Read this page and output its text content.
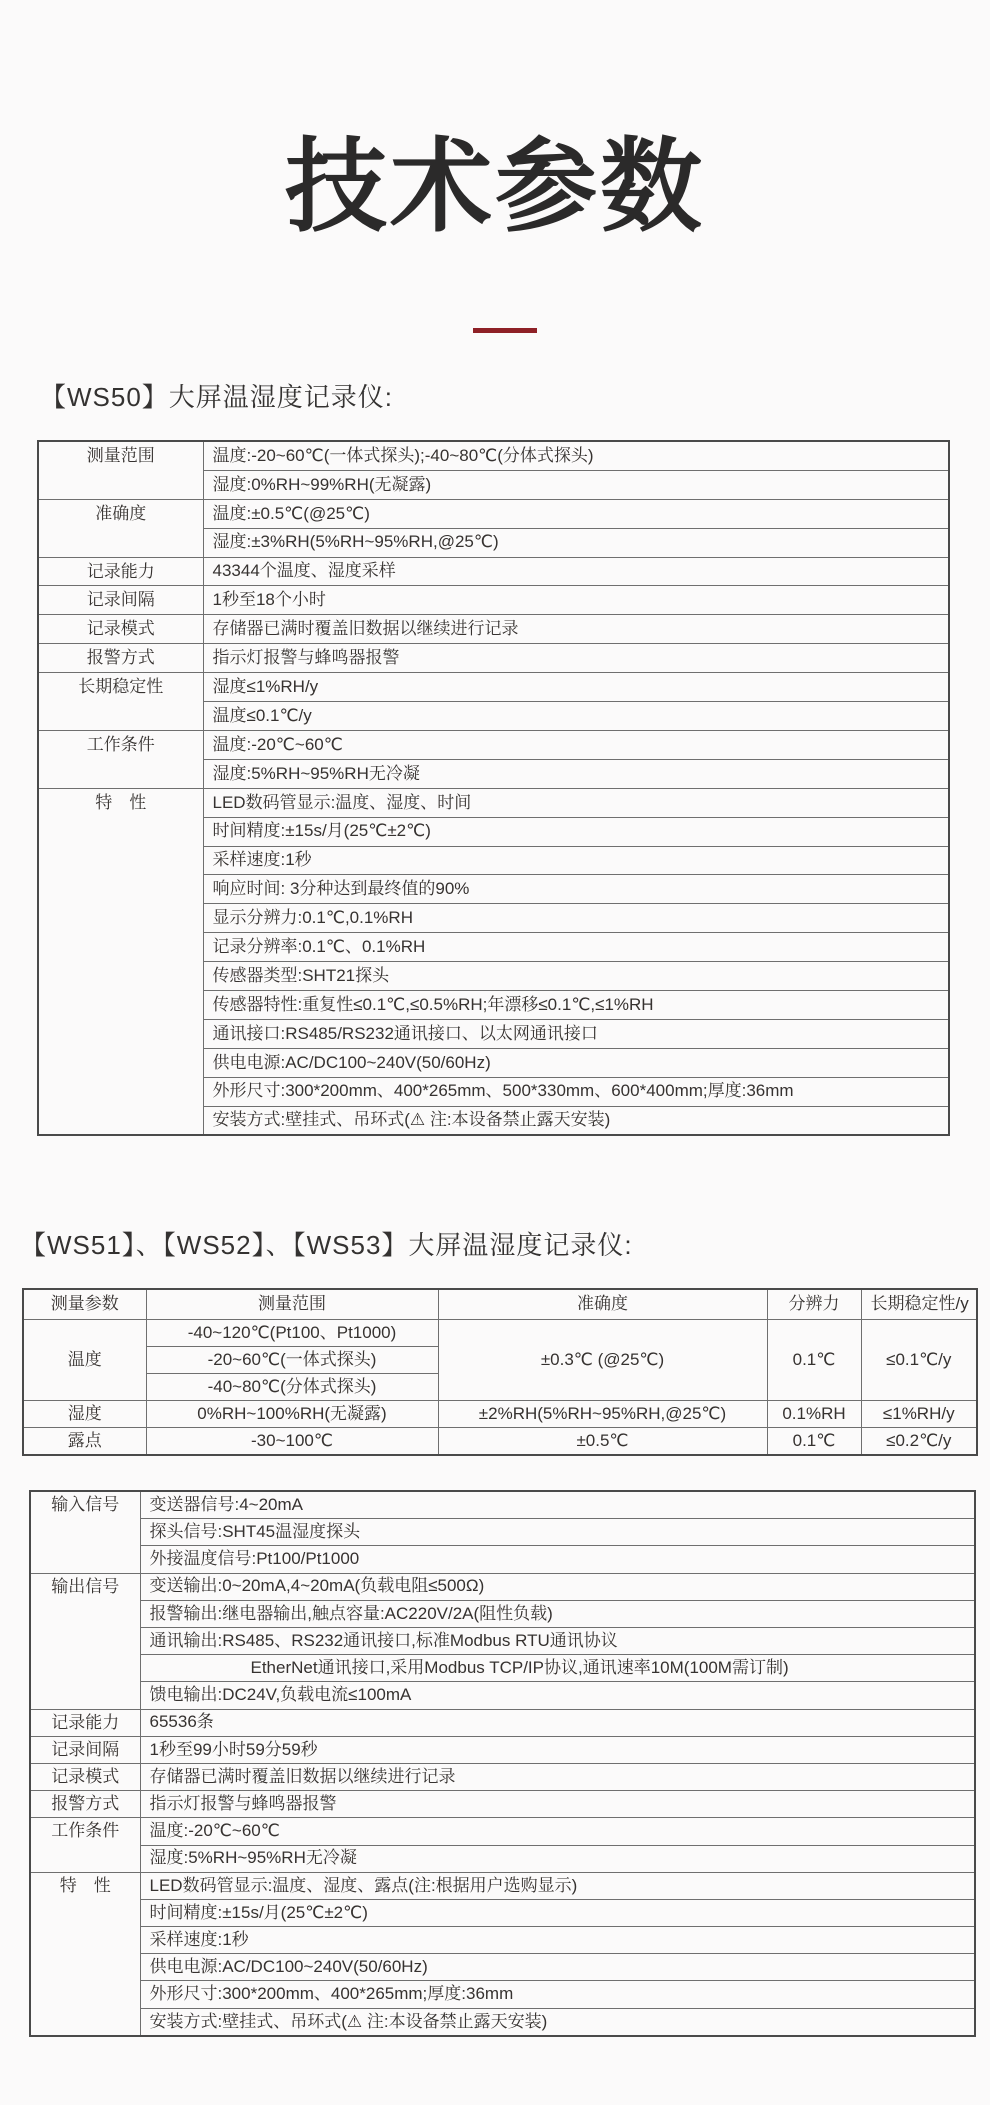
技术参数
【WS50】大屏温湿度记录仪:
测量范围	温度:-20~60℃(一体式探头);-40~80℃(分体式探头)
	湿度:0%RH~99%RH(无凝露)
准确度	温度:±0.5℃(@25℃)
	湿度:±3%RH(5%RH~95%RH,@25℃)
记录能力	43344个温度、湿度采样
记录间隔	1秒至18个小时
记录模式	存储器已满时覆盖旧数据以继续进行记录
报警方式	指示灯报警与蜂鸣器报警
长期稳定性	湿度≤1%RH/y
	温度≤0.1℃/y
工作条件	温度:-20℃~60℃
	湿度:5%RH~95%RH无冷凝
特　性	LED数码管显示:温度、湿度、时间
	时间精度:±15s/月(25℃±2℃)
	采样速度:1秒
	响应时间: 3分种达到最终值的90%
	显示分辨力:0.1℃,0.1%RH
	记录分辨率:0.1℃、0.1%RH
	传感器类型:SHT21探头
	传感器特性:重复性≤0.1℃,≤0.5%RH;年漂移≤0.1℃,≤1%RH
	通讯接口:RS485/RS232通讯接口、以太网通讯接口
	供电电源:AC/DC100~240V(50/60Hz)
	外形尺寸:300*200mm、400*265mm、500*330mm、600*400mm;厚度:36mm
	安装方式:壁挂式、吊环式(⚠ 注:本设备禁止露天安装)
【WS51】、【WS52】、【WS53】大屏温湿度记录仪:
测量参数	测量范围	准确度	分辨力	长期稳定性/y
温度	-40~120℃(Pt100、Pt1000)	±0.3℃ (@25℃)	0.1℃	≤0.1℃/y
	-20~60℃(一体式探头)			
	-40~80℃(分体式探头)			
湿度	0%RH~100%RH(无凝露)	±2%RH(5%RH~95%RH,@25℃)	0.1%RH	≤1%RH/y
露点	-30~100℃	±0.5℃	0.1℃	≤0.2℃/y
输入信号	变送器信号:4~20mA
	探头信号:SHT45温湿度探头
	外接温度信号:Pt100/Pt1000
输出信号	变送输出:0~20mA,4~20mA(负载电阻≤500Ω)
	报警输出:继电器输出,触点容量:AC220V/2A(阻性负载)
	通讯输出:RS485、RS232通讯接口,标准Modbus RTU通讯协议
	EtherNet通讯接口,采用Modbus TCP/IP协议,通讯速率10M(100M需订制)
	馈电输出:DC24V,负载电流≤100mA
记录能力	65536条
记录间隔	1秒至99小时59分59秒
记录模式	存储器已满时覆盖旧数据以继续进行记录
报警方式	指示灯报警与蜂鸣器报警
工作条件	温度:-20℃~60℃
	湿度:5%RH~95%RH无冷凝
特　性	LED数码管显示:温度、湿度、露点(注:根据用户选购显示)
	时间精度:±15s/月(25℃±2℃)
	采样速度:1秒
	供电电源:AC/DC100~240V(50/60Hz)
	外形尺寸:300*200mm、400*265mm;厚度:36mm
	安装方式:壁挂式、吊环式(⚠ 注:本设备禁止露天安装)
